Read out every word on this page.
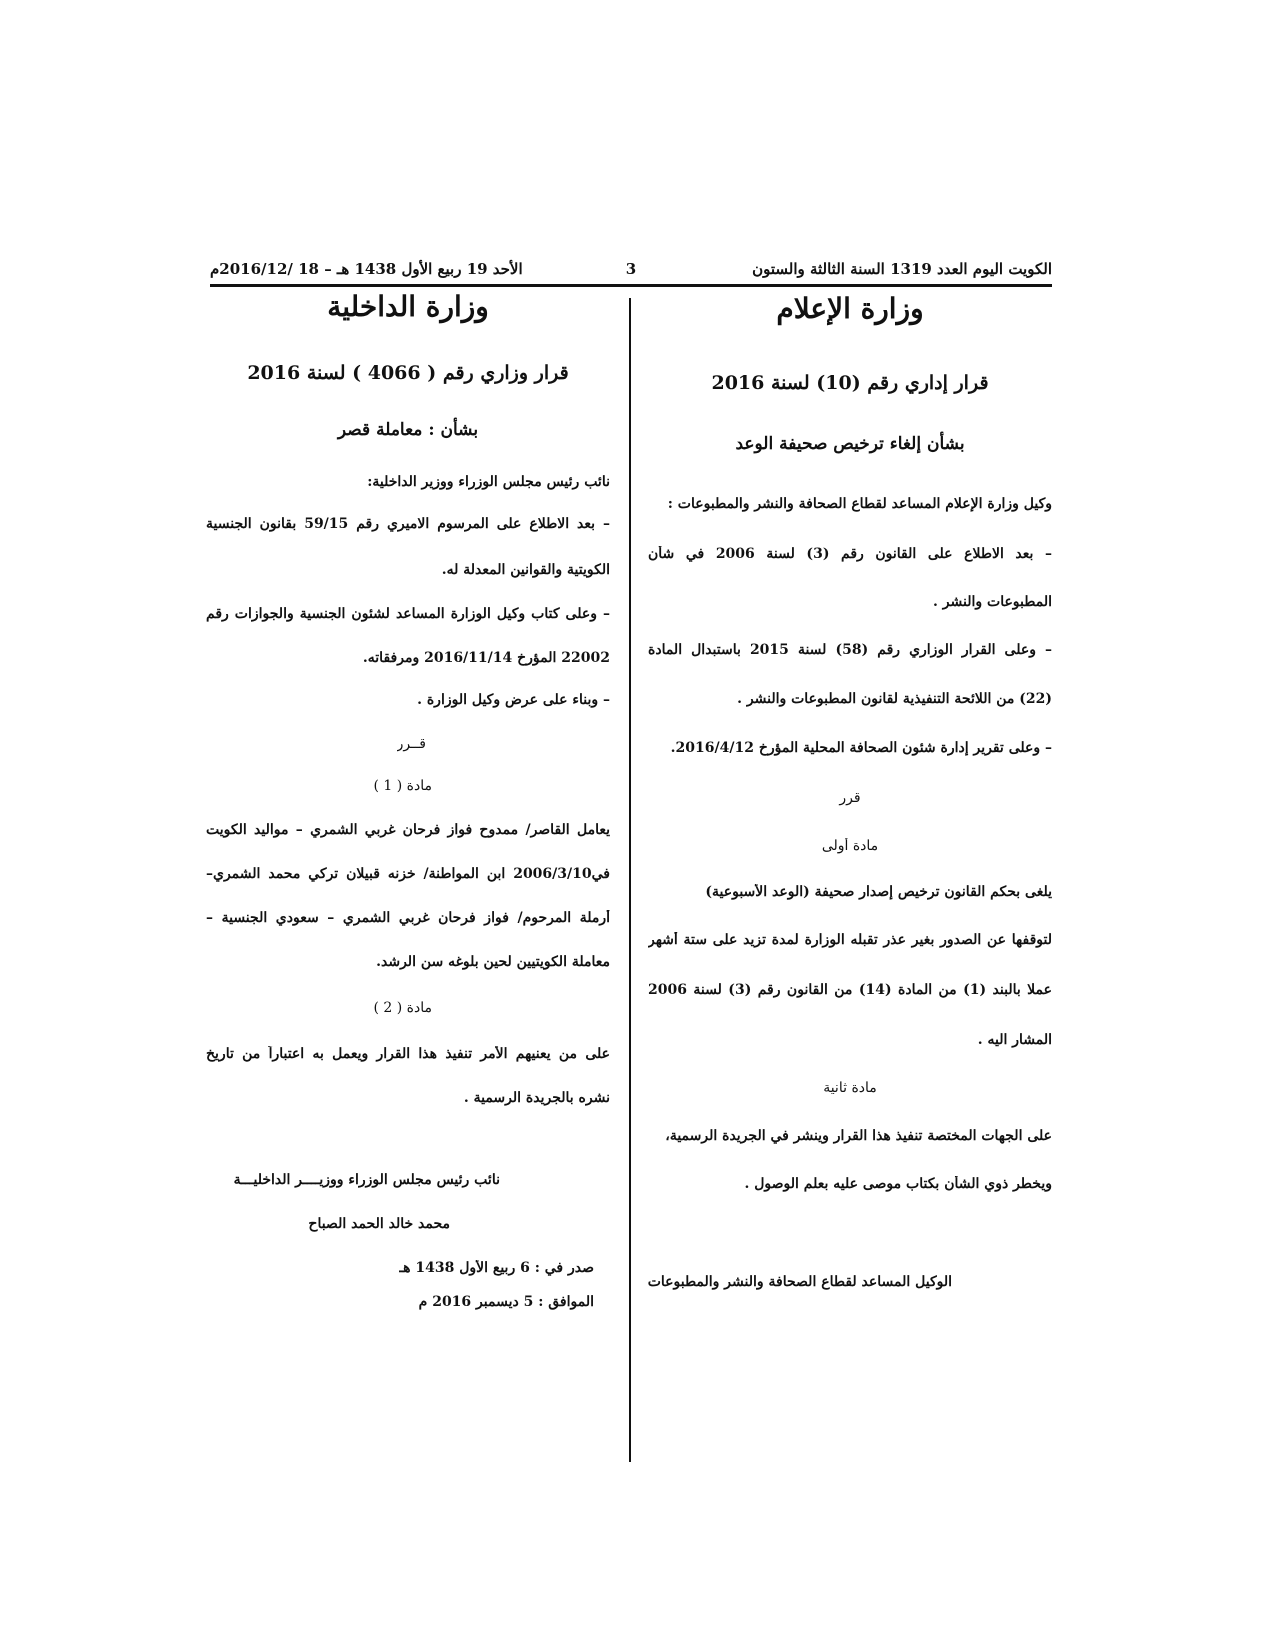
الكويت اليوم العدد 1319 السنة الثالثة والستون
3
الأحد 19 ربيع الأول 1438 هـ – 18 /2016/12م
وزارة الإعلام
قرار إداري رقم (10) لسنة 2016
بشأن إلغاء ترخيص صحيفة الوعد
وكيل وزارة الإعلام المساعد لقطاع الصحافة والنشر والمطبوعات :
– بعد الاطلاع على القانون رقم (3) لسنة 2006 في شأن
المطبوعات والنشر .
– وعلى القرار الوزاري رقم (58) لسنة 2015 باستبدال المادة
(22) من اللائحة التنفيذية لقانون المطبوعات والنشر .
– وعلى تقرير إدارة شئون الصحافة المحلية المؤرخ 2016/4/12.
قرر
مادة أولى
يلغى بحكم القانون ترخيص إصدار صحيفة (الوعد الأسبوعية)
لتوقفها عن الصدور بغير عذر تقبله الوزارة لمدة تزيد على ستة أشهر
عملا بالبند (1) من المادة (14) من القانون رقم (3) لسنة 2006
المشار اليه .
مادة ثانية
على الجهات المختصة تنفيذ هذا القرار وينشر في الجريدة الرسمية،
ويخطر ذوي الشأن بكتاب موصى عليه بعلم الوصول .
الوكيل المساعد لقطاع الصحافة والنشر والمطبوعات
وزارة الداخلية
قرار وزاري رقم ( 4066 ) لسنة 2016
بشأن : معاملة قصر
نائب رئيس مجلس الوزراء ووزير الداخلية:
– بعد الاطلاع على المرسوم الاميري رقم 59/15 بقانون الجنسية
الكويتية والقوانين المعدلة له.
– وعلى كتاب وكيل الوزارة المساعد لشئون الجنسية والجوازات رقم
22002 المؤرخ 2016/11/14 ومرفقاته.
– وبناء على عرض وكيل الوزارة .
قــرر
مادة ( 1 )
يعامل القاصر/ ممدوح فواز فرحان غربي الشمري – مواليد الكويت
في2006/3/10 ابن المواطنة/ خزنه قبيلان تركي محمد الشمري–
أرملة المرحوم/ فواز فرحان غربي الشمري – سعودي الجنسية –
معاملة الكويتيين لحين بلوغه سن الرشد.
مادة ( 2 )
على من يعنيهم الأمر تنفيذ هذا القرار ويعمل به اعتباراً من تاريخ
نشره بالجريدة الرسمية .
نائب رئيس مجلس الوزراء ووزيــــر الداخليـــة
محمد خالد الحمد الصباح
صدر في : 6 ربيع الأول 1438 هـ
الموافق : 5 ديسمبر 2016 م
